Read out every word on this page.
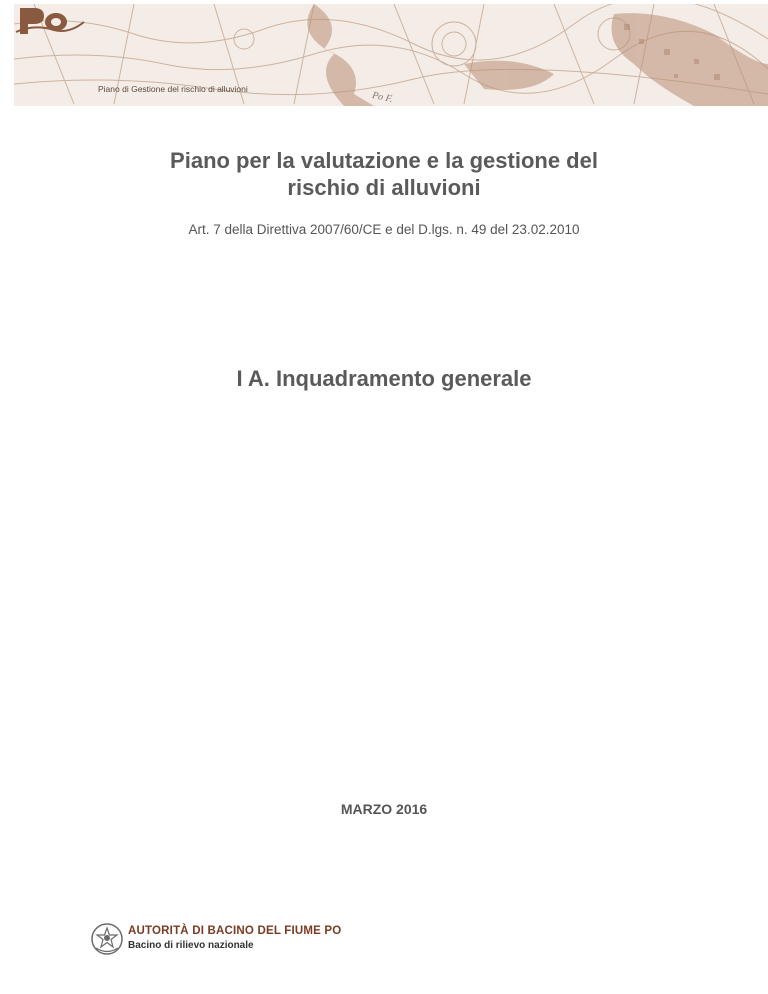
Piano di Gestione del rischio di alluvioni
Po F.
Piano per la valutazione e la gestione del
rischio di alluvioni
Art. 7 della Direttiva 2007/60/CE e del D.lgs. n. 49 del 23.02.2010
I A. Inquadramento generale
MARZO 2016
AUTORITÀ DI BACINO DEL FIUME PO
Bacino di rilievo nazionale
